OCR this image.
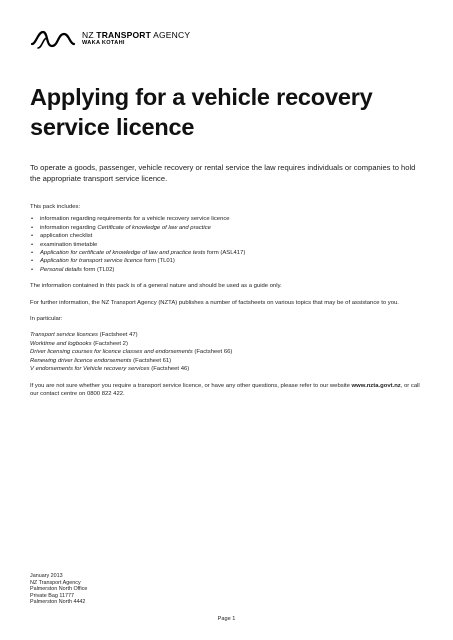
NZ TRANSPORT AGENCY
WAKA KOTAHI
Applying for a vehicle recovery service licence

To operate a goods, passenger, vehicle recovery or rental service the law requires individuals or companies to hold the appropriate transport service licence.

This pack includes:

• information regarding requirements for a vehicle recovery service licence
• information regarding Certificate of knowledge of law and practice
• application checklist
• examination timetable
• Application for certificate of knowledge of law and practice tests form (ASL417)
• Application for transport service licence form (TL01)
• Personal details form (TL02)

The information contained in this pack is of a general nature and should be used as a guide only.

For further information, the NZ Transport Agency (NZTA) publishes a number of factsheets on various topics that may be of assistance to you.

In particular:

Transport service licences (Factsheet 47)

Worktime and logbooks (Factsheet 2)

Driver licensing courses for licence classes and endorsements (Factsheet 66)

Renewing driver licence endorsements (Factsheet 61)

V endorsements for Vehicle recovery services (Factsheet 46)

If you are not sure whether you require a transport service licence, or have any other questions, please refer to our website www.nzta.govt.nz, or call our contact centre on 0800 822 422.

January 2013
NZ Transport Agency
Palmerston North Office
Private Bag 11777
Palmerston North 4442
Page 1
